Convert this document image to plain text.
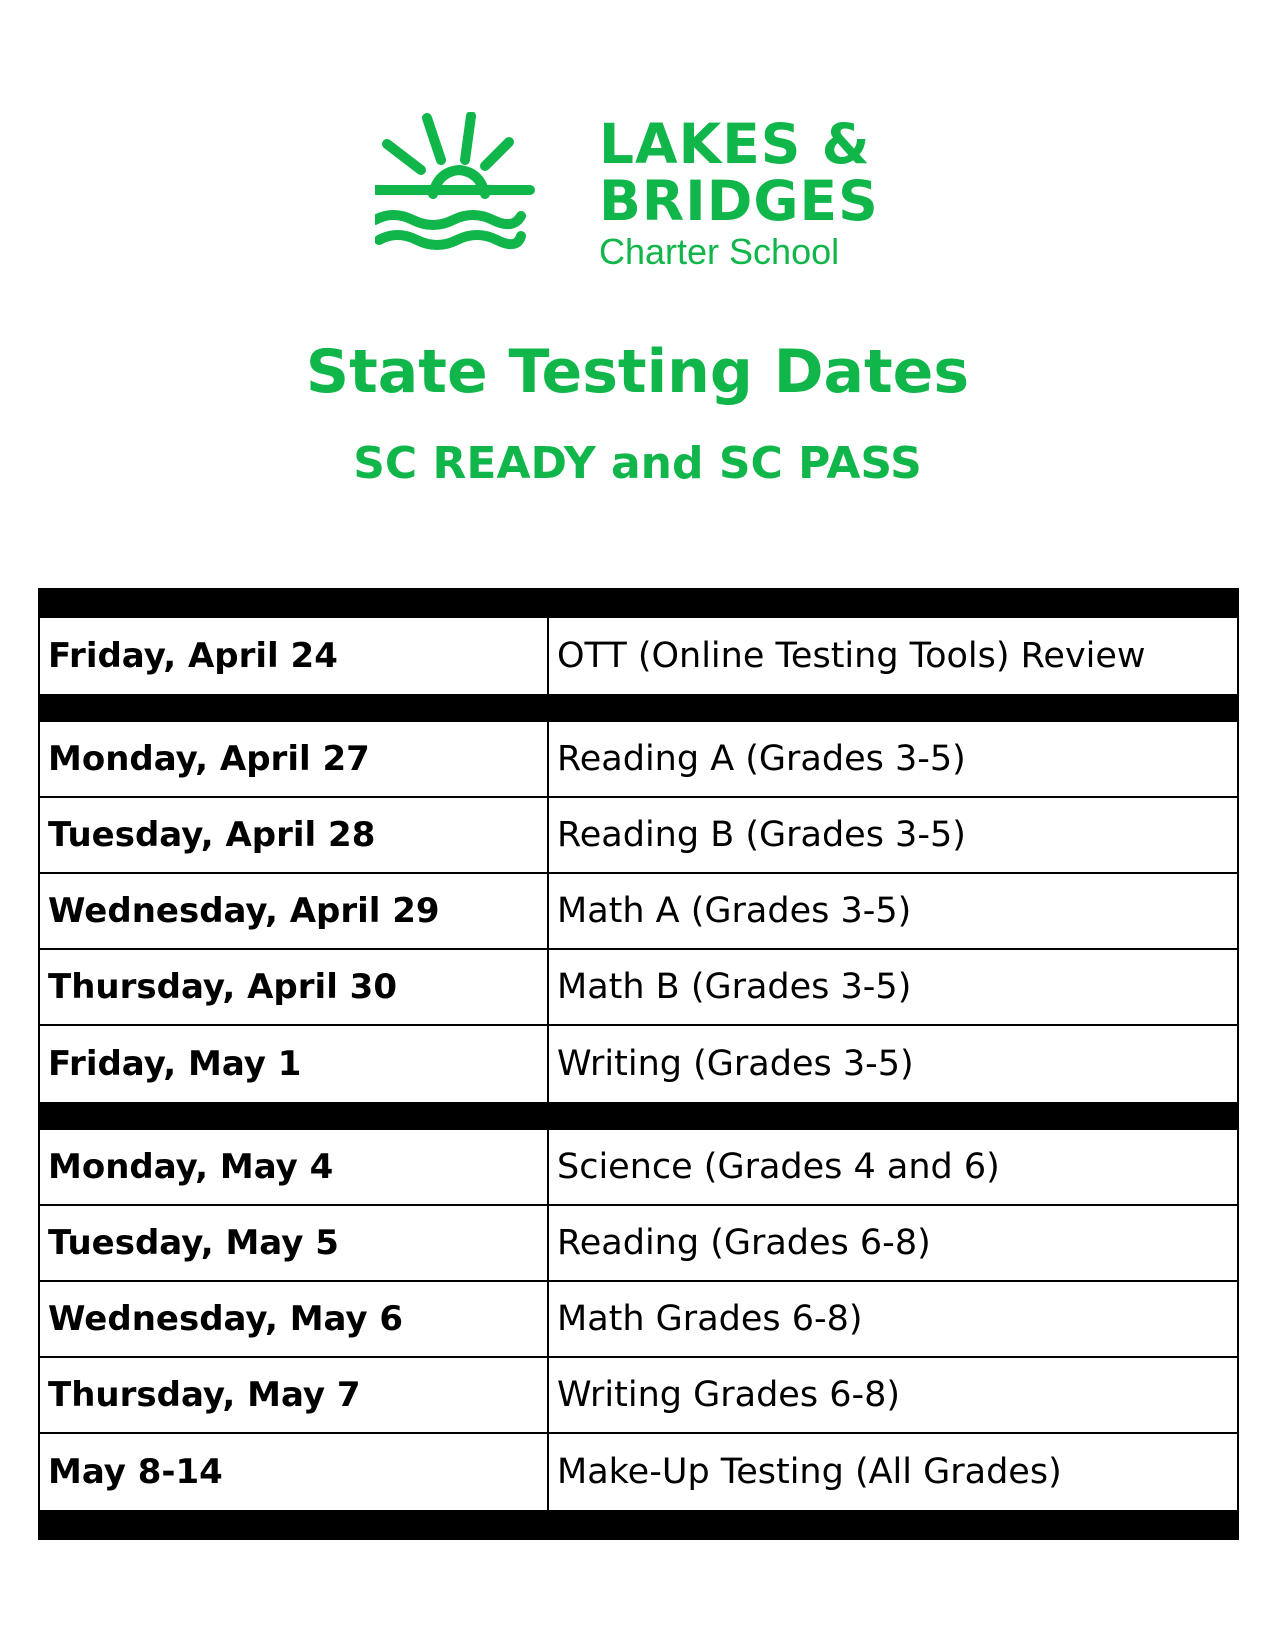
LAKES &
BRIDGES
Charter School
State Testing Dates
SC READY and SC PASS
Friday, April 24	OTT (Online Testing Tools) Review
Monday, April 27	Reading A (Grades 3-5)
Tuesday, April 28	Reading B (Grades 3-5)
Wednesday, April 29	Math A (Grades 3-5)
Thursday, April 30	Math B (Grades 3-5)
Friday, May 1	Writing (Grades 3-5)
Monday, May 4	Science (Grades 4 and 6)
Tuesday, May 5	Reading (Grades 6-8)
Wednesday, May 6	Math Grades 6-8)
Thursday, May 7	Writing Grades 6-8)
May 8-14	Make-Up Testing (All Grades)
